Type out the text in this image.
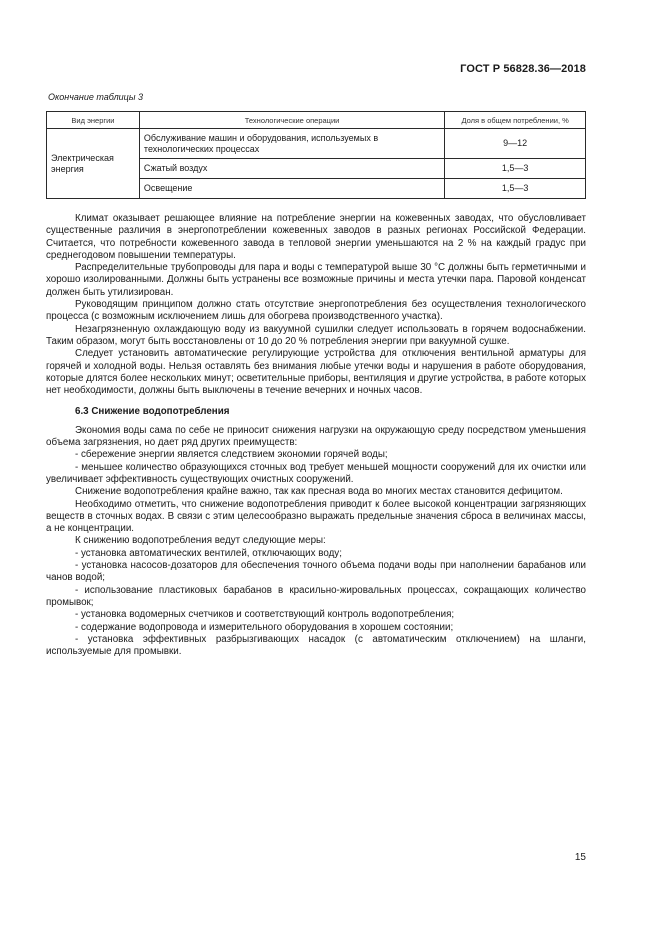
ГОСТ Р 56828.36—2018
Окончание таблицы 3
Вид энергии	Технологические операции	Доля в общем потреблении, %
Электрическая энергия	Обслуживание машин и оборудования, используемых в технологических процессах	9—12
	Сжатый воздух	1,5—3
	Освещение	1,5—3

Климат оказывает решающее влияние на потребление энергии на кожевенных заводах, что обусловливает существенные различия в энергопотреблении кожевенных заводов в разных регионах Российской Федерации. Считается, что потребности кожевенного завода в тепловой энергии уменьшаются на 2 % на каждый градус при среднегодовом повышении температуры.

Распределительные трубопроводы для пара и воды с температурой выше 30 °С должны быть герметичными и хорошо изолированными. Должны быть устранены все возможные причины и места утечки пара. Паровой конденсат должен быть утилизирован.

Руководящим принципом должно стать отсутствие энергопотребления без осуществления технологического процесса (с возможным исключением лишь для обогрева производственного участка).

Незагрязненную охлаждающую воду из вакуумной сушилки следует использовать в горячем водоснабжении. Таким образом, могут быть восстановлены от 10 до 20 % потребления энергии при вакуумной сушке.

Следует установить автоматические регулирующие устройства для отключения вентильной арматуры для горячей и холодной воды. Нельзя оставлять без внимания любые утечки воды и нарушения в работе оборудования, которые длятся более нескольких минут; осветительные приборы, вентиляция и другие устройства, в работе которых нет необходимости, должны быть выключены в течение вечерних и ночных часов.

6.3 Снижение водопотребления

Экономия воды сама по себе не приносит снижения нагрузки на окружающую среду посредством уменьшения объема загрязнения, но дает ряд других преимуществ:

- сбережение энергии является следствием экономии горячей воды;

- меньшее количество образующихся сточных вод требует меньшей мощности сооружений для их очистки или увеличивает эффективность существующих очистных сооружений.

Снижение водопотребления крайне важно, так как пресная вода во многих местах становится дефицитом.

Необходимо отметить, что снижение водопотребления приводит к более высокой концентрации загрязняющих веществ в сточных водах. В связи с этим целесообразно выражать предельные значения сброса в величинах массы, а не концентрации.

К снижению водопотребления ведут следующие меры:

- установка автоматических вентилей, отключающих воду;

- установка насосов-дозаторов для обеспечения точного объема подачи воды при наполнении барабанов или чанов водой;

- использование пластиковых барабанов в красильно-жировальных процессах, сокращающих количество промывок;

- установка водомерных счетчиков и соответствующий контроль водопотребления;

- содержание водопровода и измерительного оборудования в хорошем состоянии;

- установка эффективных разбрызгивающих насадок (с автоматическим отключением) на шланги, используемые для промывки.

15
